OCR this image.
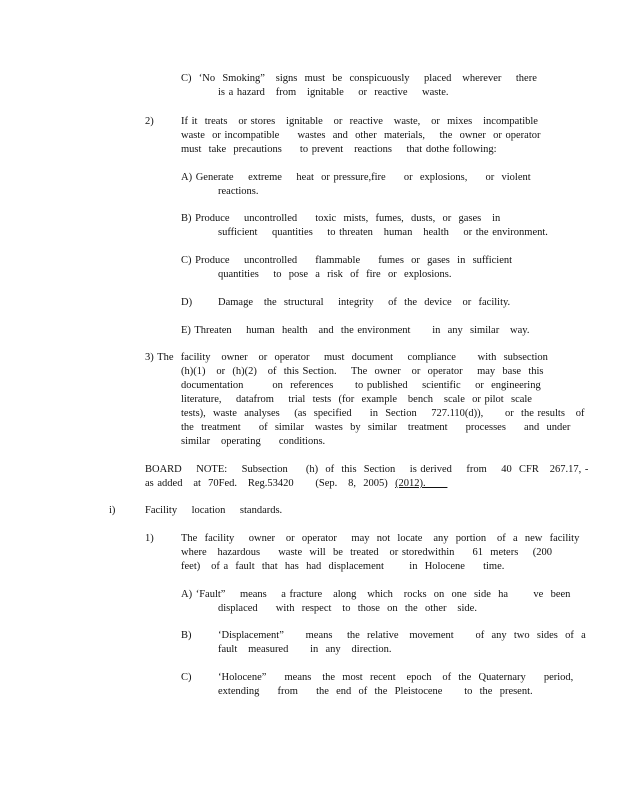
C)  ‘No  Smoking”   signs  must  be  conspicuously    placed   wherever    there
is a hazard   from   ignitable    or  reactive    waste.
2)	If it  treats   or stores   ignitable   or  reactive   waste,   or  mixes   incompatible
waste  or incompatible     wastes  and  other  materials,    the  owner  or operator
must  take  precautions     to prevent   reactions    that dothe following:
A) Generate    extreme    heat  or pressure,fire     or  explosions,     or  violent
reactions.
B) Produce    uncontrolled     toxic  mists,  fumes,  dusts,  or  gases   in
sufficient    quantities    to threaten   human   health    or the environment.
C) Produce    uncontrolled     flammable     fumes  or  gases  in  sufficient
quantities    to  pose  a  risk  of  fire  or  explosions.
D) Damage   the  structural    integrity    of  the  device   or  facility.
E) Threaten    human  health   and  the environment      in  any  similar   way.
3) The  facility   owner   or  operator    must  document    compliance      with  subsection
(h)(1)   or  (h)(2)   of  this Section.    The  owner   or  operator    may  base  this
documentation        on  references      to published    scientific    or  engineering
literature,    datafrom    trial  tests  (for  example   bench   scale  or pilot  scale
tests),  waste  analyses    (as  specified     in  Section    727.110(d)),      or  the results   of
the  treatment     of  similar   wastes  by  similar   treatment     processes     and  under
similar   operating     conditions.
BOARD    NOTE:    Subsection     (h)  of  this  Section    is derived    from    40  CFR   267.17, -
as added   at  70Fed.   Reg.53420      (Sep.   8,  2005)  (2012).
i)	Facility    location    standards.
1)	The  facility    owner   or  operator    may  not  locate   any  portion   of  a  new  facility
where   hazardous     waste  will  be  treated   or storedwithin     61  meters    (200
feet)   of a  fault  that  has  had  displacement       in  Holocene     time.
A) ‘Fault”    means    a fracture   along   which   rocks  on  one  side  ha       ve  been
displaced     with  respect   to  those  on  the  other   side.
B)	‘Displacement”      means    the  relative   movement      of  any  two  sides  of  a
fault   measured      in  any   direction.
C)	‘Holocene”     means   the  most  recent   epoch   of  the  Quaternary     period,
extending     from     the  end  of  the  Pleistocene      to  the  present.
